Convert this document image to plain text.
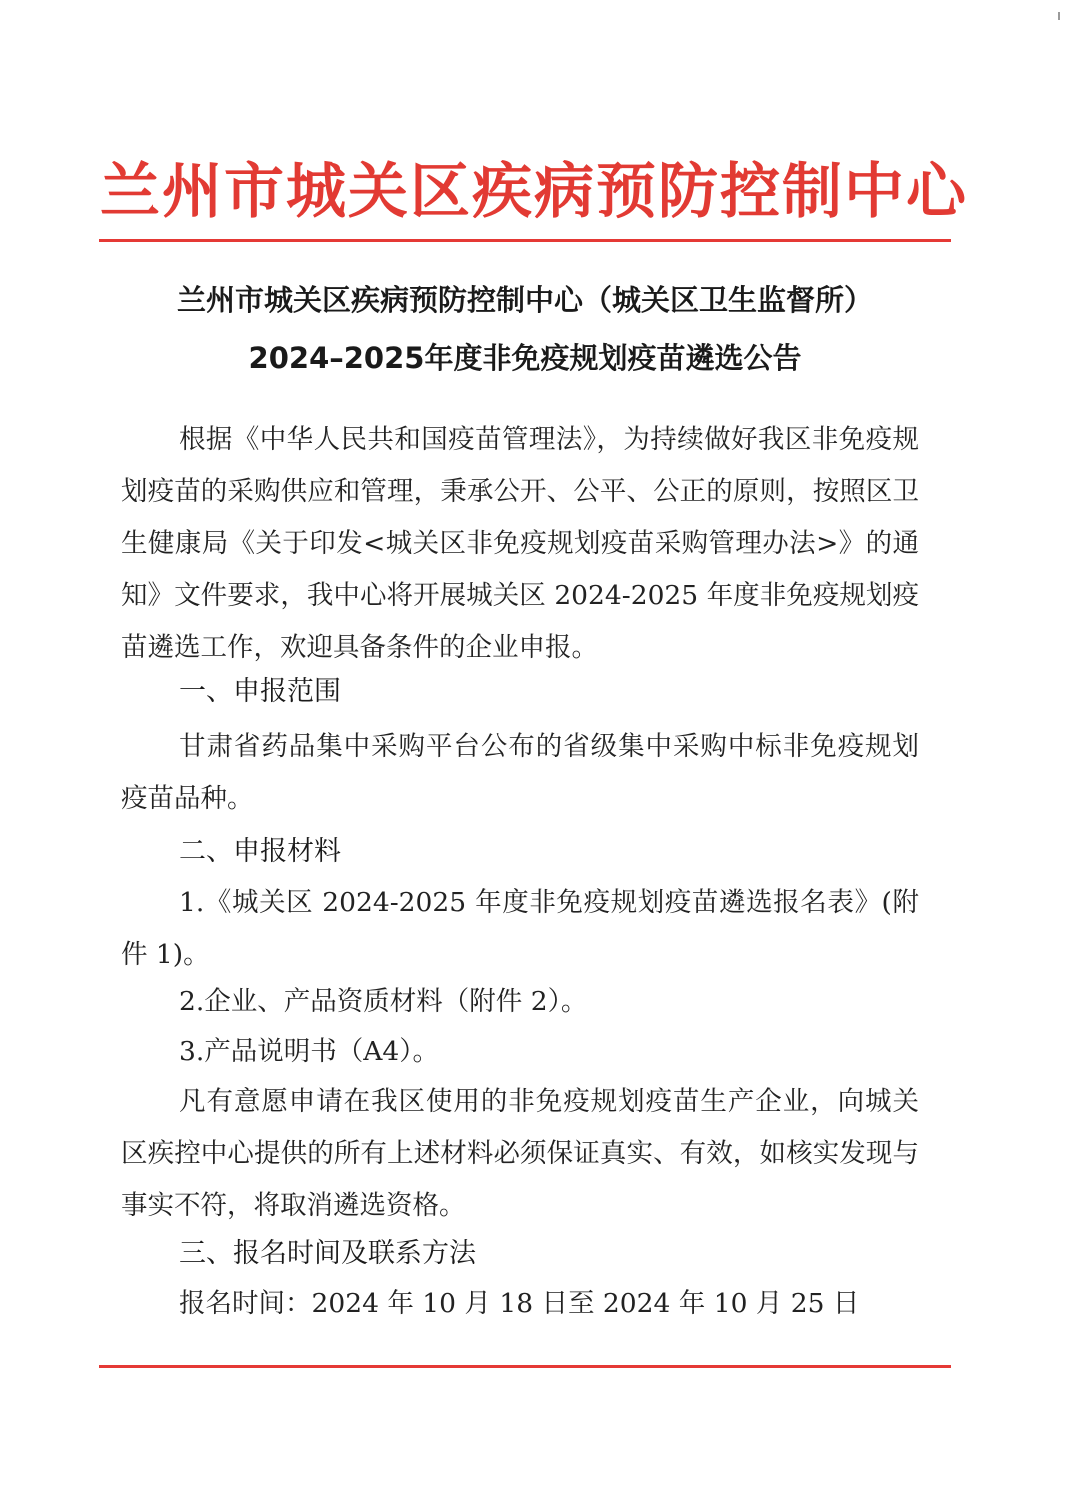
兰州市城关区疾病预防控制中心
兰州市城关区疾病预防控制中心（城关区卫生监督所）
2024–2025年度非免疫规划疫苗遴选公告

根据《中华人民共和国疫苗管理法》，为持续做好我区非免疫规划疫苗的采购供应和管理，秉承公开、公平、公正的原则，按照区卫生健康局《关于印发<城关区非免疫规划疫苗采购管理办法>》的通知》文件要求，我中心将开展城关区 2024-2025 年度非免疫规划疫苗遴选工作，欢迎具备条件的企业申报。

一、申报范围

甘肃省药品集中采购平台公布的省级集中采购中标非免疫规划疫苗品种。

二、申报材料

1.《城关区 2024-2025 年度非免疫规划疫苗遴选报名表》(附件 1)。

2.企业、产品资质材料（附件 2）。
3.产品说明书（A4）。

凡有意愿申请在我区使用的非免疫规划疫苗生产企业，向城关区疾控中心提供的所有上述材料必须保证真实、有效，如核实发现与事实不符，将取消遴选资格。

三、报名时间及联系方法
报名时间：2024 年 10 月 18 日至 2024 年 10 月 25 日
